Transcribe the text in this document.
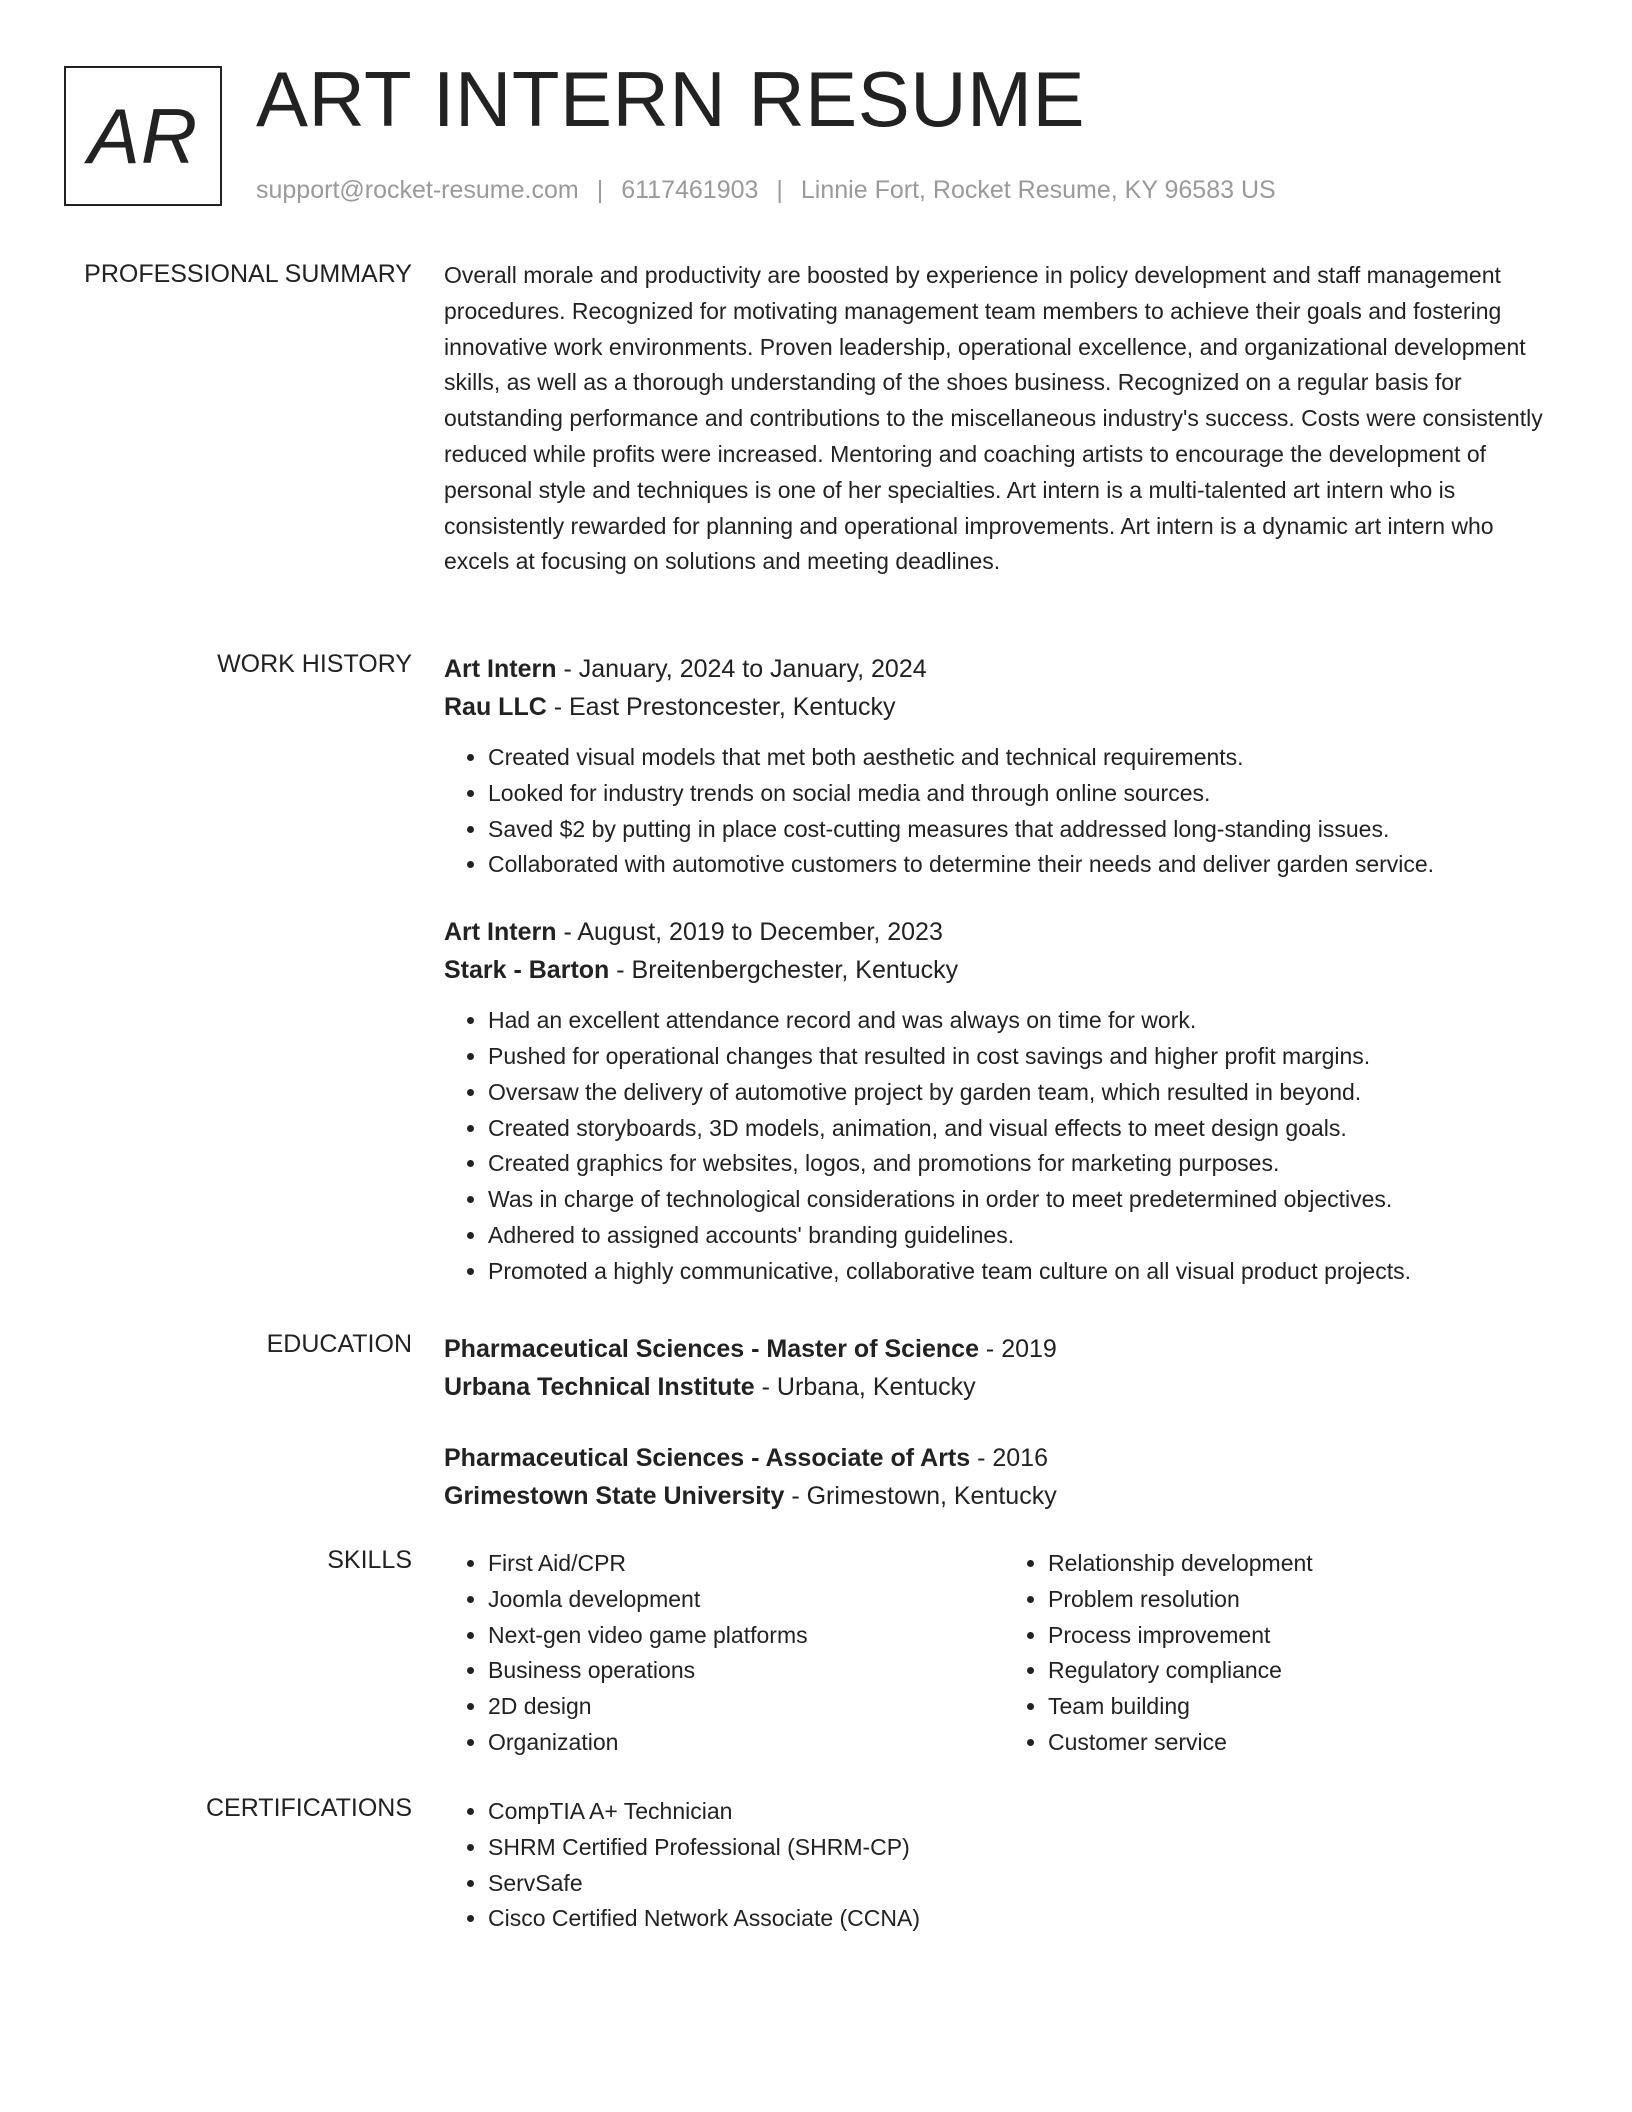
AR ART INTERN RESUME
support@rocket-resume.com | 6117461903 | Linnie Fort, Rocket Resume, KY 96583 US
PROFESSIONAL SUMMARY Overall morale and productivity are boosted by experience in policy development and staff management procedures. Recognized for motivating management team members to achieve their goals and fostering innovative work environments. Proven leadership, operational excellence, and organizational development skills, as well as a thorough understanding of the shoes business. Recognized on a regular basis for outstanding performance and contributions to the miscellaneous industry's success. Costs were consistently reduced while profits were increased. Mentoring and coaching artists to encourage the development of personal style and techniques is one of her specialties. Art intern is a multi-talented art intern who is consistently rewarded for planning and operational improvements. Art intern is a dynamic art intern who excels at focusing on solutions and meeting deadlines.

WORK HISTORY Art Intern - January, 2024 to January, 2024
Rau LLC - East Prestoncester, Kentucky
• Created visual models that met both aesthetic and technical requirements.
• Looked for industry trends on social media and through online sources.
• Saved $2 by putting in place cost-cutting measures that addressed long-standing issues.
• Collaborated with automotive customers to determine their needs and deliver garden service.
Art Intern - August, 2019 to December, 2023
Stark - Barton - Breitenbergchester, Kentucky
• Had an excellent attendance record and was always on time for work.
• Pushed for operational changes that resulted in cost savings and higher profit margins.
• Oversaw the delivery of automotive project by garden team, which resulted in beyond.
• Created storyboards, 3D models, animation, and visual effects to meet design goals.
• Created graphics for websites, logos, and promotions for marketing purposes.
• Was in charge of technological considerations in order to meet predetermined objectives.
• Adhered to assigned accounts' branding guidelines.
• Promoted a highly communicative, collaborative team culture on all visual product projects.
EDUCATION Pharmaceutical Sciences - Master of Science - 2019
Urbana Technical Institute - Urbana, Kentucky
Pharmaceutical Sciences - Associate of Arts - 2016
Grimestown State University - Grimestown, Kentucky
SKILLS	• First Aid/CPR
• Joomla development
• Next-gen video game platforms
• Business operations
• 2D design
• Organization
• Relationship development
• Problem resolution
• Process improvement
• Regulatory compliance
• Team building
• Customer service
CERTIFICATIONS	• CompTIA A+ Technician
• SHRM Certified Professional (SHRM-CP)
• ServSafe
• Cisco Certified Network Associate (CCNA)
